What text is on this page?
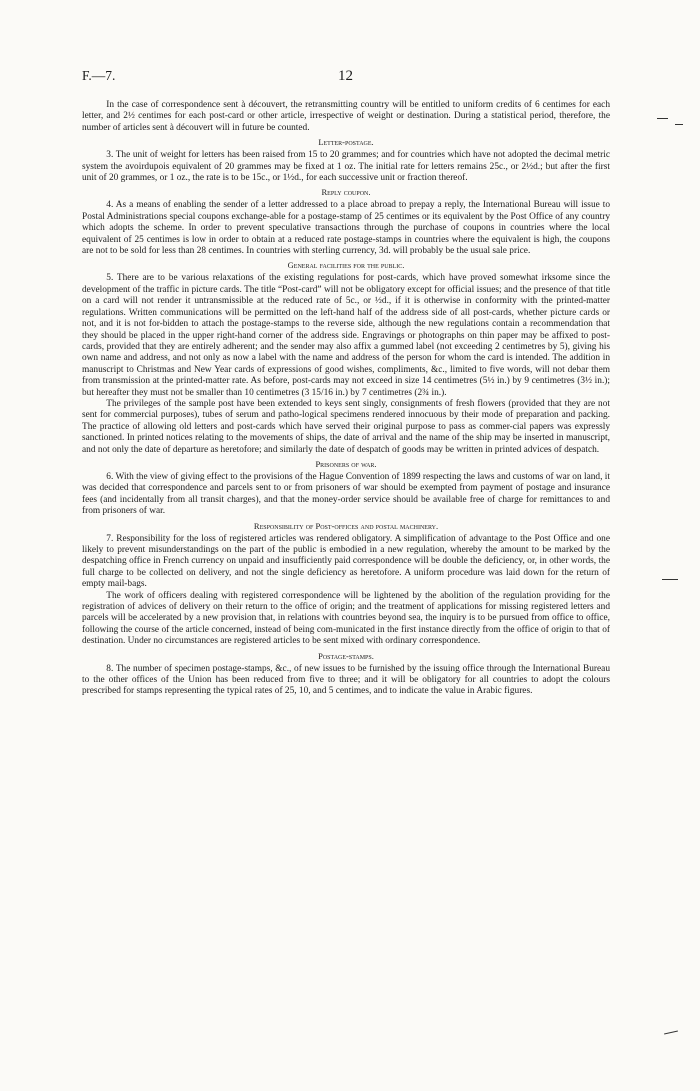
F.—7.	12

In the case of correspondence sent à découvert, the retransmitting country will be entitled to uniform credits of 6 centimes for each letter, and 2½ centimes for each post-card or other article, irrespective of weight or destination. During a statistical period, therefore, the number of articles sent à découvert will in future be counted.

Letter-postage.

3. The unit of weight for letters has been raised from 15 to 20 grammes; and for countries which have not adopted the decimal metric system the avoirdupois equivalent of 20 grammes may be fixed at 1 oz. The initial rate for letters remains 25c., or 2½d.; but after the first unit of 20 grammes, or 1 oz., the rate is to be 15c., or 1½d., for each successive unit or fraction thereof.

Reply coupon.

4. As a means of enabling the sender of a letter addressed to a place abroad to prepay a reply, the International Bureau will issue to Postal Administrations special coupons exchange-able for a postage-stamp of 25 centimes or its equivalent by the Post Office of any country which adopts the scheme. In order to prevent speculative transactions through the purchase of coupons in countries where the local equivalent of 25 centimes is low in order to obtain at a reduced rate postage-stamps in countries where the equivalent is high, the coupons are not to be sold for less than 28 centimes. In countries with sterling currency, 3d. will probably be the usual sale price.

General facilities for the public.

5. There are to be various relaxations of the existing regulations for post-cards, which have proved somewhat irksome since the development of the traffic in picture cards. The title “Post-card” will not be obligatory except for official issues; and the presence of that title on a card will not render it untransmissible at the reduced rate of 5c., or ½d., if it is otherwise in conformity with the printed-matter regulations. Written communications will be permitted on the left-hand half of the address side of all post-cards, whether picture cards or not, and it is not for-bidden to attach the postage-stamps to the reverse side, although the new regulations contain a recommendation that they should be placed in the upper right-hand corner of the address side. Engravings or photographs on thin paper may be affixed to post-cards, provided that they are entirely adherent; and the sender may also affix a gummed label (not exceeding 2 centimetres by 5), giving his own name and address, and not only as now a label with the name and address of the person for whom the card is intended. The addition in manuscript to Christmas and New Year cards of expressions of good wishes, compliments, &c., limited to five words, will not debar them from transmission at the printed-matter rate. As before, post-cards may not exceed in size 14 centimetres (5½ in.) by 9 centimetres (3½ in.); but hereafter they must not be smaller than 10 centimetres (3 15/16 in.) by 7 centimetres (2¾ in.).

The privileges of the sample post have been extended to keys sent singly, consignments of fresh flowers (provided that they are not sent for commercial purposes), tubes of serum and patho-logical specimens rendered innocuous by their mode of preparation and packing. The practice of allowing old letters and post-cards which have served their original purpose to pass as commer-cial papers was expressly sanctioned. In printed notices relating to the movements of ships, the date of arrival and the name of the ship may be inserted in manuscript, and not only the date of departure as heretofore; and similarly the date of despatch of goods may be written in printed advices of despatch.

Prisoners of war.

6. With the view of giving effect to the provisions of the Hague Convention of 1899 respecting the laws and customs of war on land, it was decided that correspondence and parcels sent to or from prisoners of war should be exempted from payment of postage and insurance fees (and incidentally from all transit charges), and that the money-order service should be available free of charge for remittances to and from prisoners of war.

Responsibility of Post-offices and postal machinery.

7. Responsibility for the loss of registered articles was rendered obligatory. A simplification of advantage to the Post Office and one likely to prevent misunderstandings on the part of the public is embodied in a new regulation, whereby the amount to be marked by the despatching office in French currency on unpaid and insufficiently paid correspondence will be double the deficiency, or, in other words, the full charge to be collected on delivery, and not the single deficiency as heretofore. A uniform procedure was laid down for the return of empty mail-bags.

The work of officers dealing with registered correspondence will be lightened by the abolition of the regulation providing for the registration of advices of delivery on their return to the office of origin; and the treatment of applications for missing registered letters and parcels will be accelerated by a new provision that, in relations with countries beyond sea, the inquiry is to be pursued from office to office, following the course of the article concerned, instead of being com-municated in the first instance directly from the office of origin to that of destination. Under no circumstances are registered articles to be sent mixed with ordinary correspondence.

Postage-stamps.

8. The number of specimen postage-stamps, &c., of new issues to be furnished by the issuing office through the International Bureau to the other offices of the Union has been reduced from five to three; and it will be obligatory for all countries to adopt the colours prescribed for stamps representing the typical rates of 25, 10, and 5 centimes, and to indicate the value in Arabic figures.
